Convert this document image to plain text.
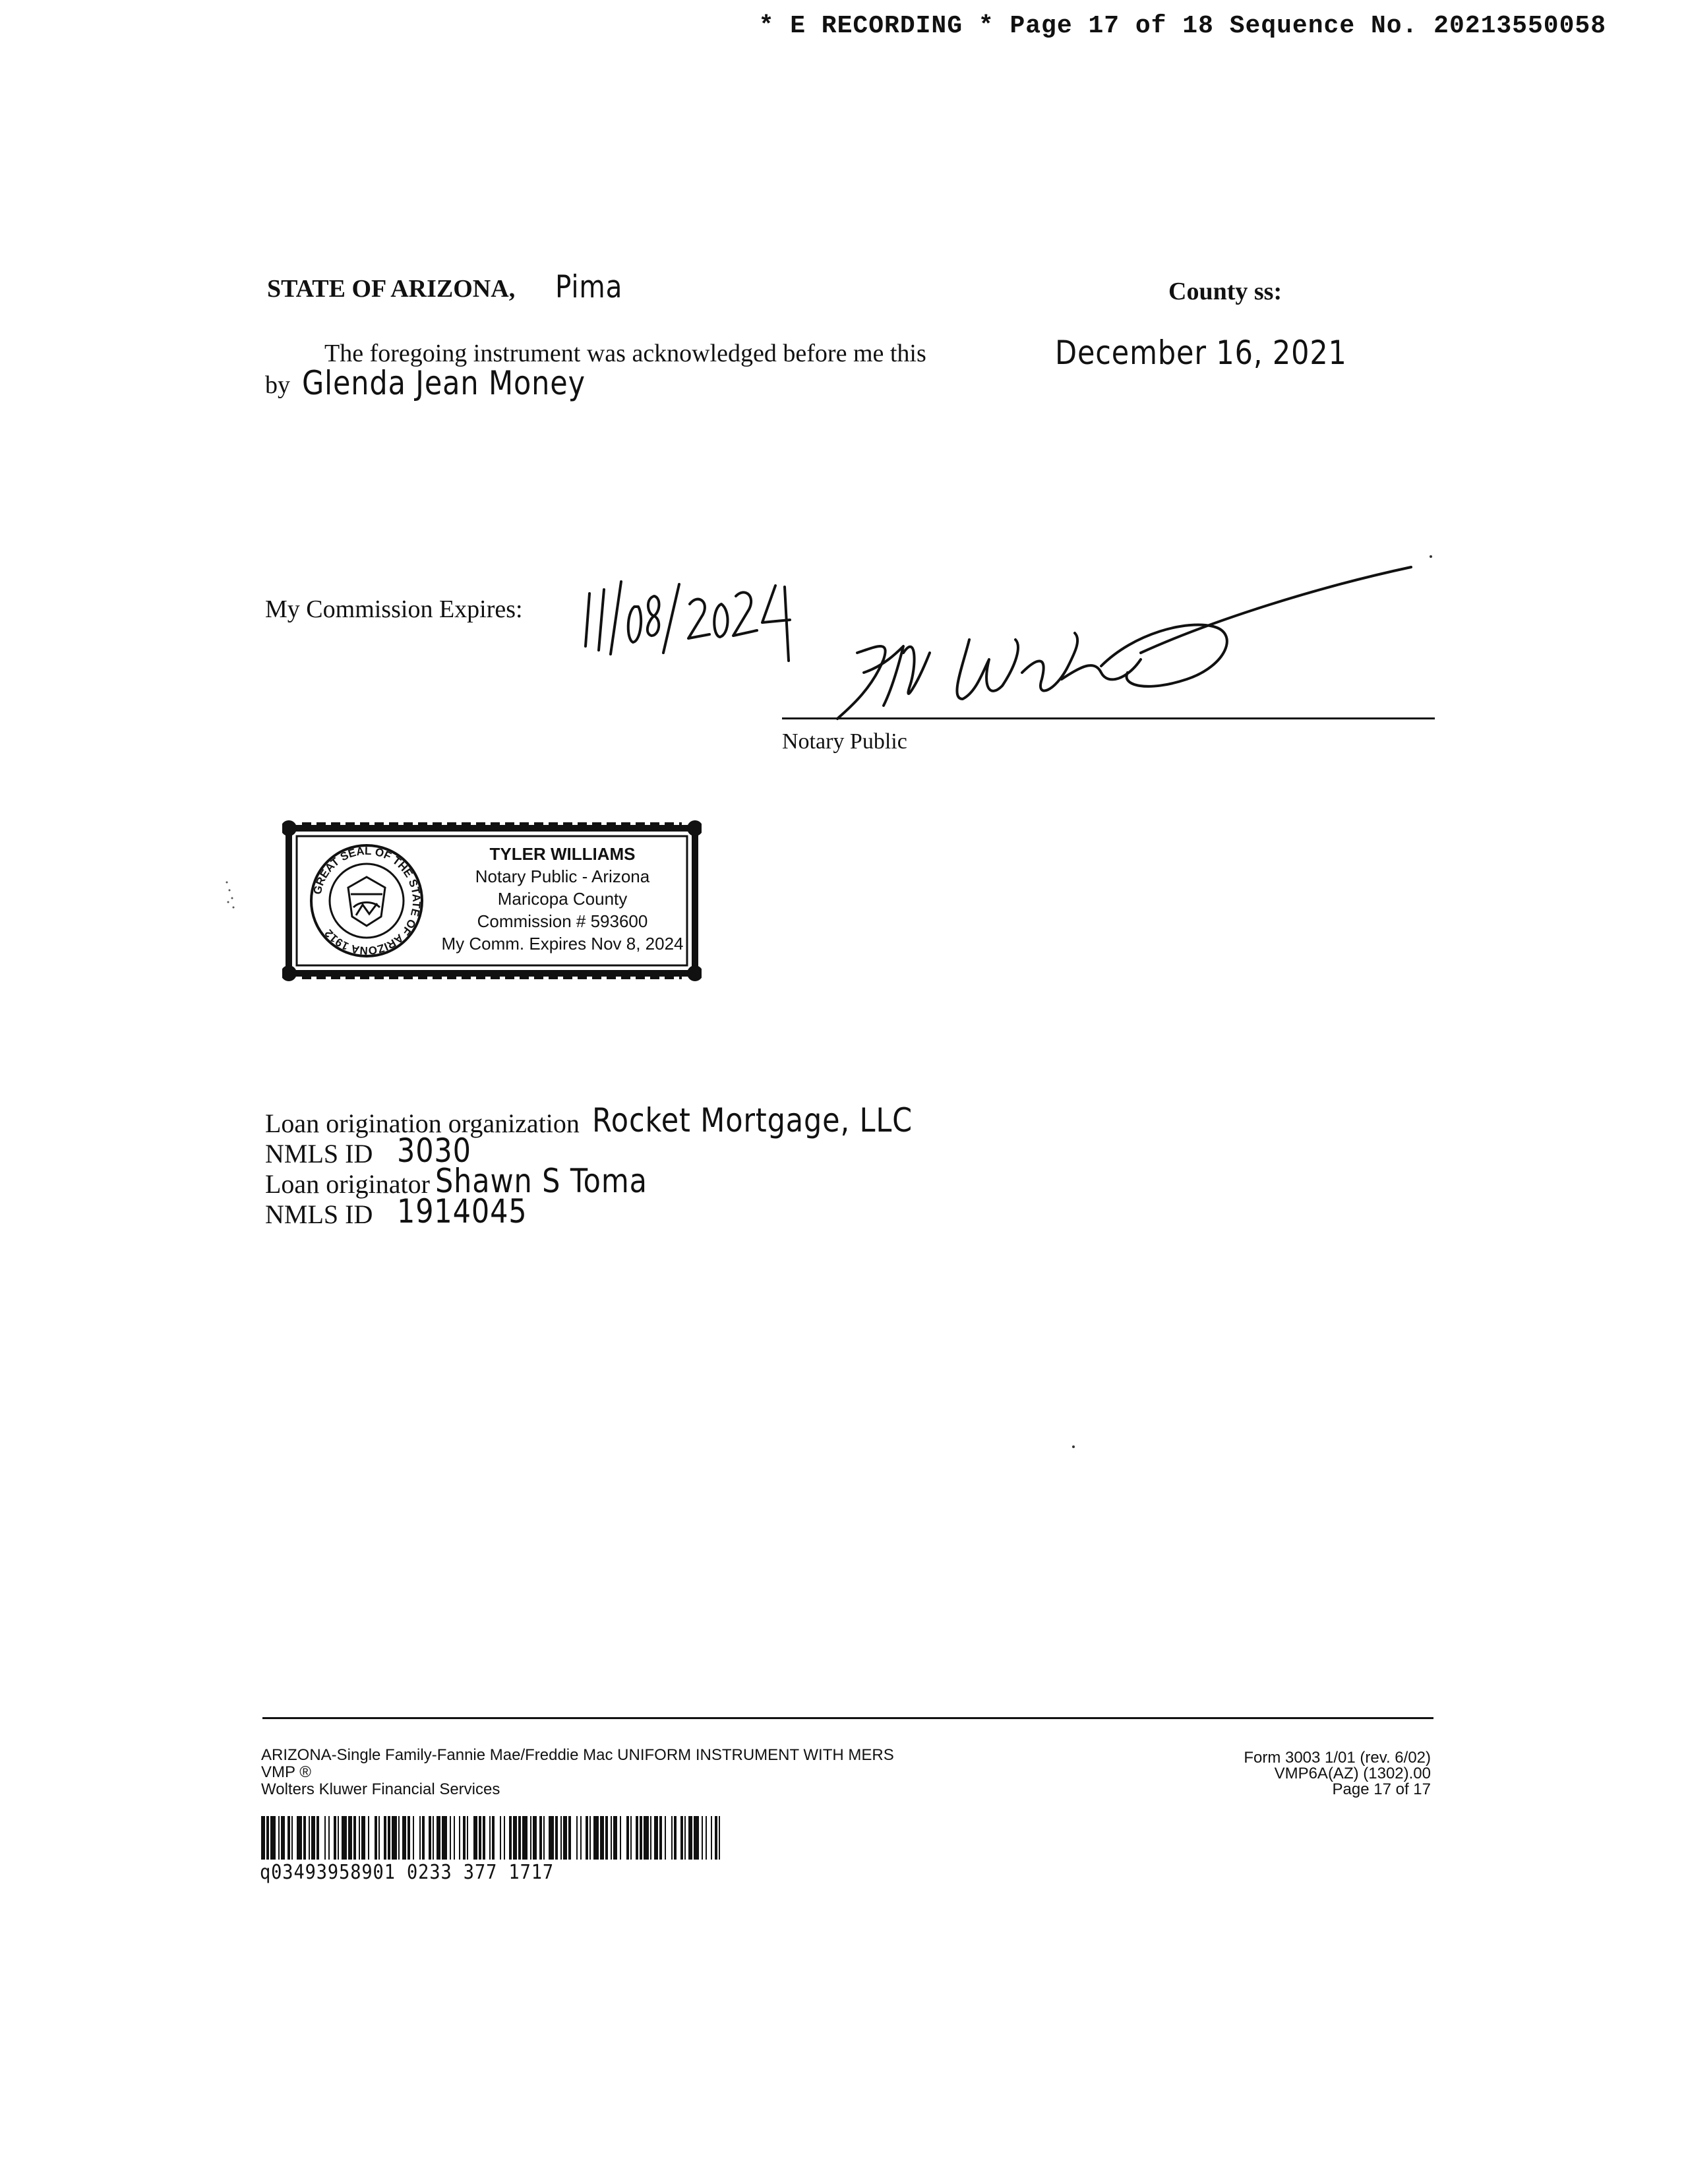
* E RECORDING * Page 17 of 18 Sequence No. 20213550058
STATE OF ARIZONA, Pima	County ss:
The foregoing instrument was acknowledged before me this	December 16, 2021
by Glenda Jean Money
My Commission Expires:
Notary Public
GREAT SEAL OF THE STATE OF ARIZONA 1912
TYLER WILLIAMS
Notary Public - Arizona
Maricopa County
Commission # 593600
My Comm. Expires Nov 8, 2024
Loan origination organization Rocket Mortgage, LLC
NMLS ID 3030
Loan originator Shawn S Toma
NMLS ID 1914045
ARIZONA-Single Family-Fannie Mae/Freddie Mac UNIFORM INSTRUMENT WITH MERS
VMP ®
Wolters Kluwer Financial Services
Form 3003 1/01 (rev. 6/02)
VMP6A(AZ) (1302).00
Page 17 of 17
q03493958901 0233 377 1717
